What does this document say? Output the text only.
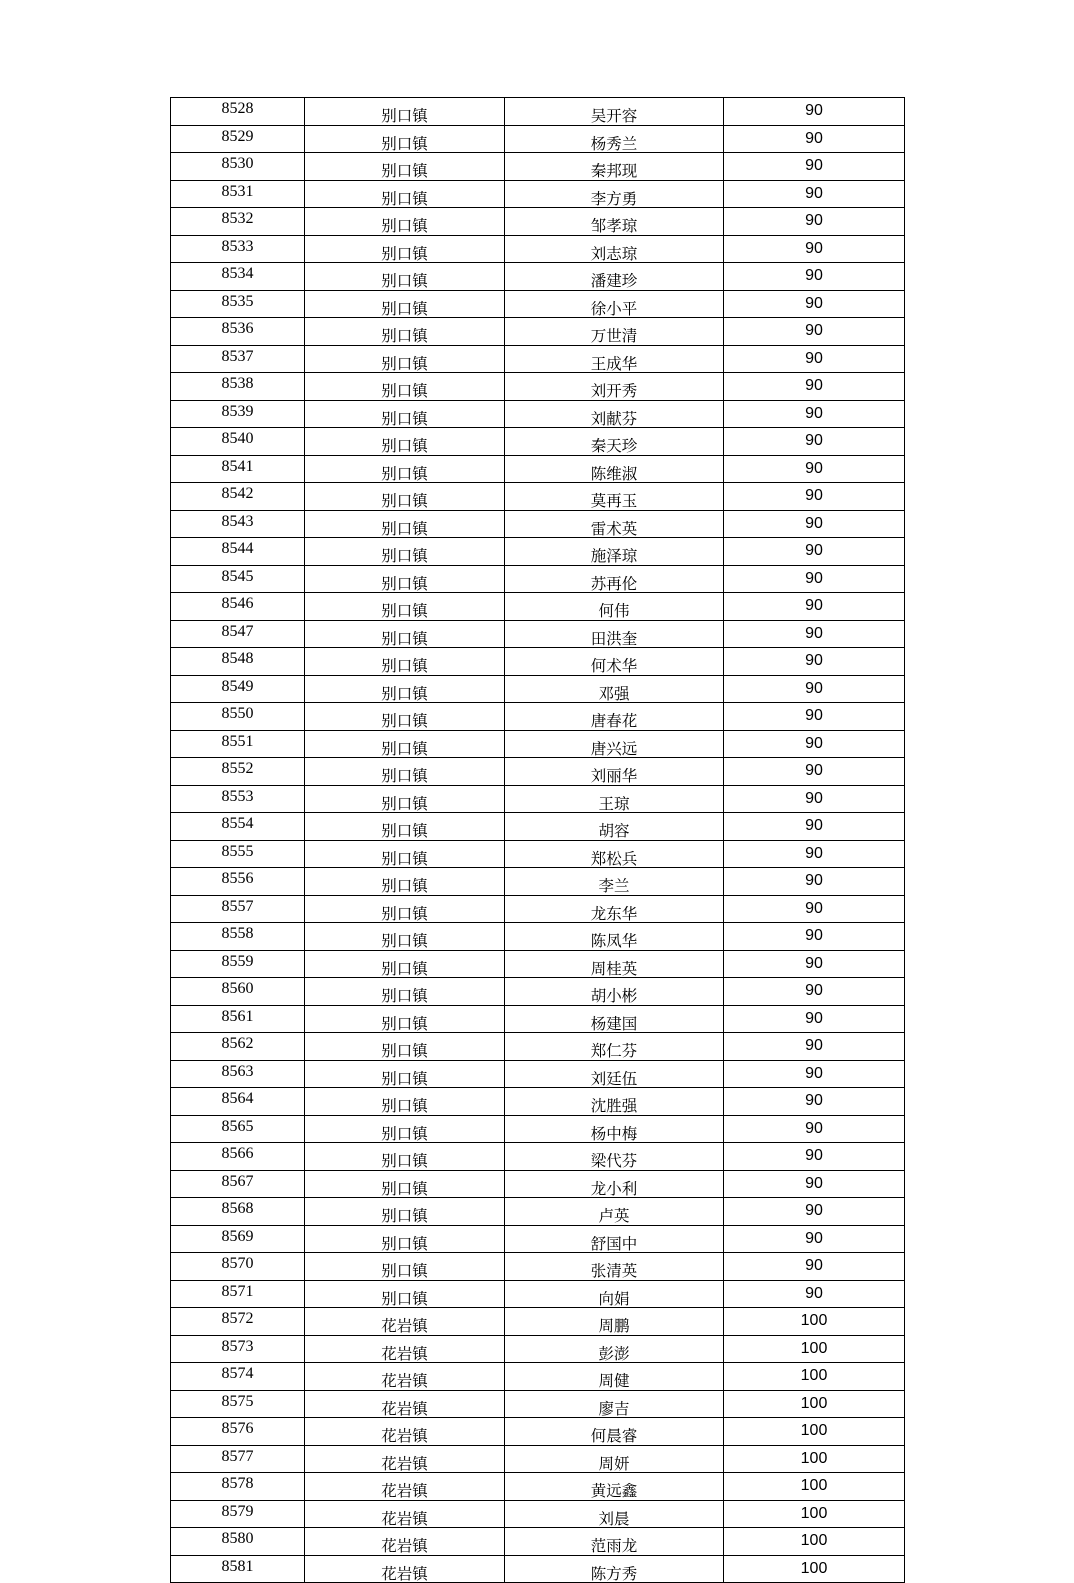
8528	别口镇	吴开容	90
8529	别口镇	杨秀兰	90
8530	别口镇	秦邦现	90
8531	别口镇	李方勇	90
8532	别口镇	邹孝琼	90
8533	别口镇	刘志琼	90
8534	别口镇	潘建珍	90
8535	别口镇	徐小平	90
8536	别口镇	万世清	90
8537	别口镇	王成华	90
8538	别口镇	刘开秀	90
8539	别口镇	刘献芬	90
8540	别口镇	秦天珍	90
8541	别口镇	陈维淑	90
8542	别口镇	莫再玉	90
8543	别口镇	雷术英	90
8544	别口镇	施泽琼	90
8545	别口镇	苏再伦	90
8546	别口镇	何伟	90
8547	别口镇	田洪奎	90
8548	别口镇	何术华	90
8549	别口镇	邓强	90
8550	别口镇	唐春花	90
8551	别口镇	唐兴远	90
8552	别口镇	刘丽华	90
8553	别口镇	王琼	90
8554	别口镇	胡容	90
8555	别口镇	郑松兵	90
8556	别口镇	李兰	90
8557	别口镇	龙东华	90
8558	别口镇	陈凤华	90
8559	别口镇	周桂英	90
8560	别口镇	胡小彬	90
8561	别口镇	杨建国	90
8562	别口镇	郑仁芬	90
8563	别口镇	刘廷伍	90
8564	别口镇	沈胜强	90
8565	别口镇	杨中梅	90
8566	别口镇	梁代芬	90
8567	别口镇	龙小利	90
8568	别口镇	卢英	90
8569	别口镇	舒国中	90
8570	别口镇	张清英	90
8571	别口镇	向娟	90
8572	花岩镇	周鹏	100
8573	花岩镇	彭澎	100
8574	花岩镇	周健	100
8575	花岩镇	廖吉	100
8576	花岩镇	何晨睿	100
8577	花岩镇	周妍	100
8578	花岩镇	黄远鑫	100
8579	花岩镇	刘晨	100
8580	花岩镇	范雨龙	100
8581	花岩镇	陈方秀	100
